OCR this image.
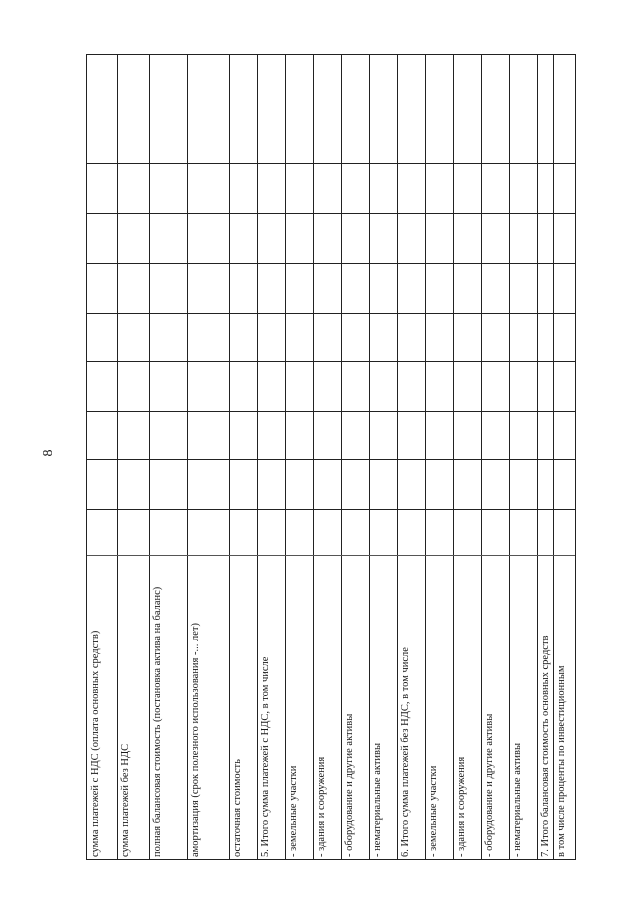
8
сумма платежей с НДС (оплата основных средств) сумма платежей без НДС полная балансовая стоимость (постановка актива на баланс)	амортизация (срок полезного использования -... лет)	остаточная стоимость 5. Итого сумма платежей с НДС, в том числе - земельные участки - здания и сооружения - оборудование и другие активы - нематериальные активы 6. Итого сумма платежей без НДС, в том числе - земельные участки - здания и сооружения - оборудование и другие активы - нематериальные активы 7. Итого балансовая стоимость основных средств в том числе проценты по инвестиционным
